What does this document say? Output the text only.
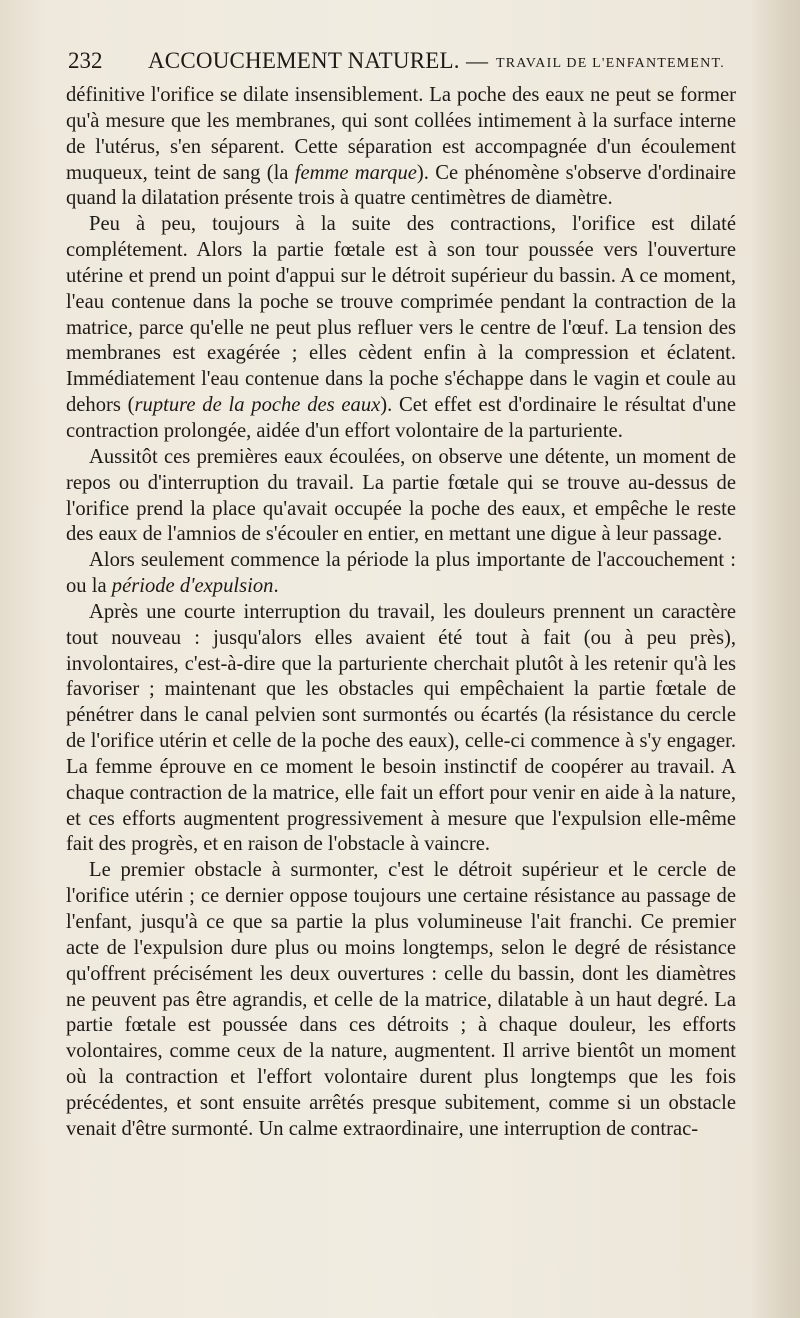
232 ACCOUCHEMENT NATUREL. — TRAVAIL DE L'ENFANTEMENT.

définitive l'orifice se dilate insensiblement. La poche des eaux ne peut se former qu'à mesure que les membranes, qui sont collées intimement à la surface interne de l'utérus, s'en séparent. Cette séparation est accompagnée d'un écoulement muqueux, teint de sang (la femme marque). Ce phénomène s'observe d'ordinaire quand la dilatation présente trois à quatre centimètres de diamètre.

Peu à peu, toujours à la suite des contractions, l'orifice est dilaté complétement. Alors la partie fœtale est à son tour poussée vers l'ouverture utérine et prend un point d'appui sur le détroit supérieur du bassin. A ce moment, l'eau contenue dans la poche se trouve comprimée pendant la contraction de la matrice, parce qu'elle ne peut plus refluer vers le centre de l'œuf. La tension des membranes est exagérée ; elles cèdent enfin à la compression et éclatent. Immédiatement l'eau contenue dans la poche s'échappe dans le vagin et coule au dehors (rupture de la poche des eaux). Cet effet est d'ordinaire le résultat d'une contraction prolongée, aidée d'un effort volontaire de la parturiente.

Aussitôt ces premières eaux écoulées, on observe une détente, un moment de repos ou d'interruption du travail. La partie fœtale qui se trouve au-dessus de l'orifice prend la place qu'avait occupée la poche des eaux, et empêche le reste des eaux de l'amnios de s'écouler en entier, en mettant une digue à leur passage.

Alors seulement commence la période la plus importante de l'accouchement : ou la période d'expulsion.

Après une courte interruption du travail, les douleurs prennent un caractère tout nouveau : jusqu'alors elles avaient été tout à fait (ou à peu près), involontaires, c'est-à-dire que la parturiente cherchait plutôt à les retenir qu'à les favoriser ; maintenant que les obstacles qui empêchaient la partie fœtale de pénétrer dans le canal pelvien sont surmontés ou écartés (la résistance du cercle de l'orifice utérin et celle de la poche des eaux), celle-ci commence à s'y engager. La femme éprouve en ce moment le besoin instinctif de coopérer au travail. A chaque contraction de la matrice, elle fait un effort pour venir en aide à la nature, et ces efforts augmentent progressivement à mesure que l'expulsion elle-même fait des progrès, et en raison de l'obstacle à vaincre.

Le premier obstacle à surmonter, c'est le détroit supérieur et le cercle de l'orifice utérin ; ce dernier oppose toujours une certaine résistance au passage de l'enfant, jusqu'à ce que sa partie la plus volumineuse l'ait franchi. Ce premier acte de l'expulsion dure plus ou moins longtemps, selon le degré de résistance qu'offrent précisément les deux ouvertures : celle du bassin, dont les diamètres ne peuvent pas être agrandis, et celle de la matrice, dilatable à un haut degré. La partie fœtale est poussée dans ces détroits ; à chaque douleur, les efforts volontaires, comme ceux de la nature, augmentent. Il arrive bientôt un moment où la contraction et l'effort volontaire durent plus longtemps que les fois précédentes, et sont ensuite arrêtés presque subitement, comme si un obstacle venait d'être surmonté. Un calme extraordinaire, une interruption de contrac-
